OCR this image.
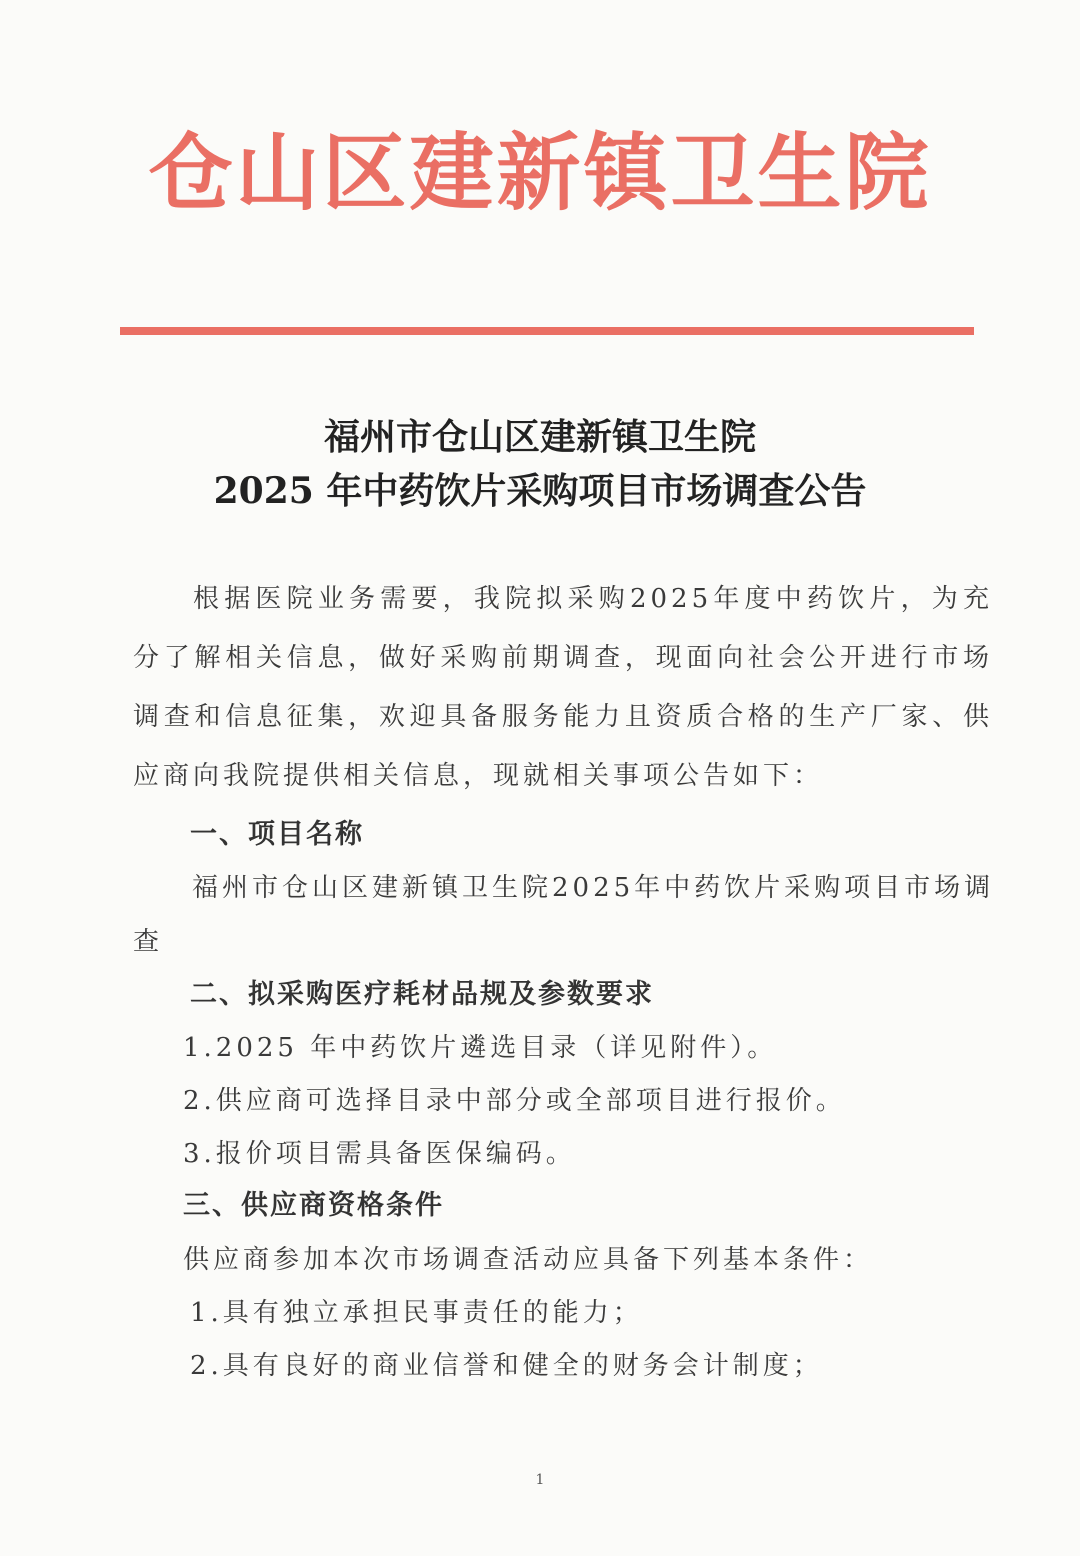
仓山区建新镇卫生院
福州市仓山区建新镇卫生院
2025 年中药饮片采购项目市场调查公告
根据医院业务需要，我院拟采购2025年度中药饮片，为充分了解相关信息，做好采购前期调查，现面向社会公开进行市场调查和信息征集，欢迎具备服务能力且资质合格的生产厂家、供应商向我院提供相关信息，现就相关事项公告如下：
一、项目名称
福州市仓山区建新镇卫生院2025年中药饮片采购项目市场调
查
二、拟采购医疗耗材品规及参数要求
1.2025 年中药饮片遴选目录（详见附件）。
2.供应商可选择目录中部分或全部项目进行报价。
3.报价项目需具备医保编码。
三、供应商资格条件
供应商参加本次市场调查活动应具备下列基本条件：
1.具有独立承担民事责任的能力；
2.具有良好的商业信誉和健全的财务会计制度；
1
